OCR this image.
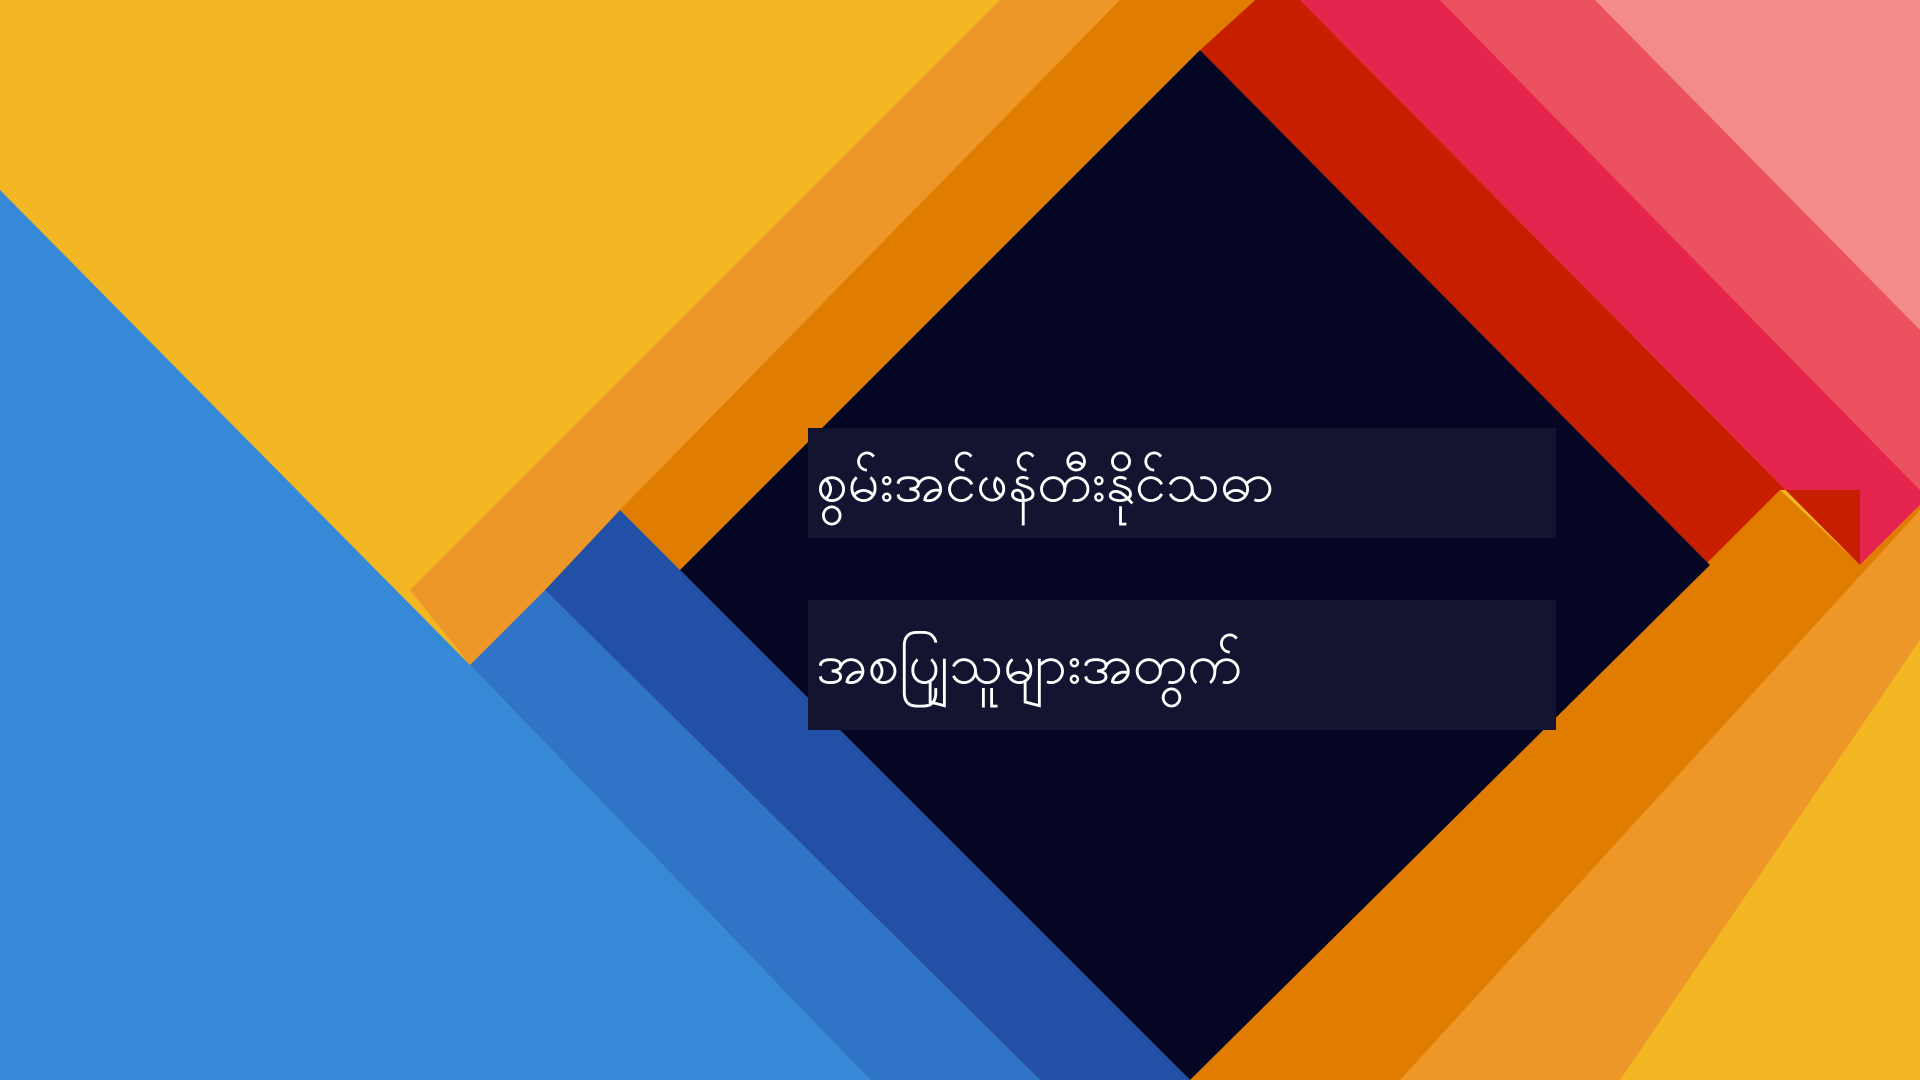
စွမ်းအင်ဖန်တီးနိုင်သဓာ ￼￼
အစပျြသူများအတွက်
